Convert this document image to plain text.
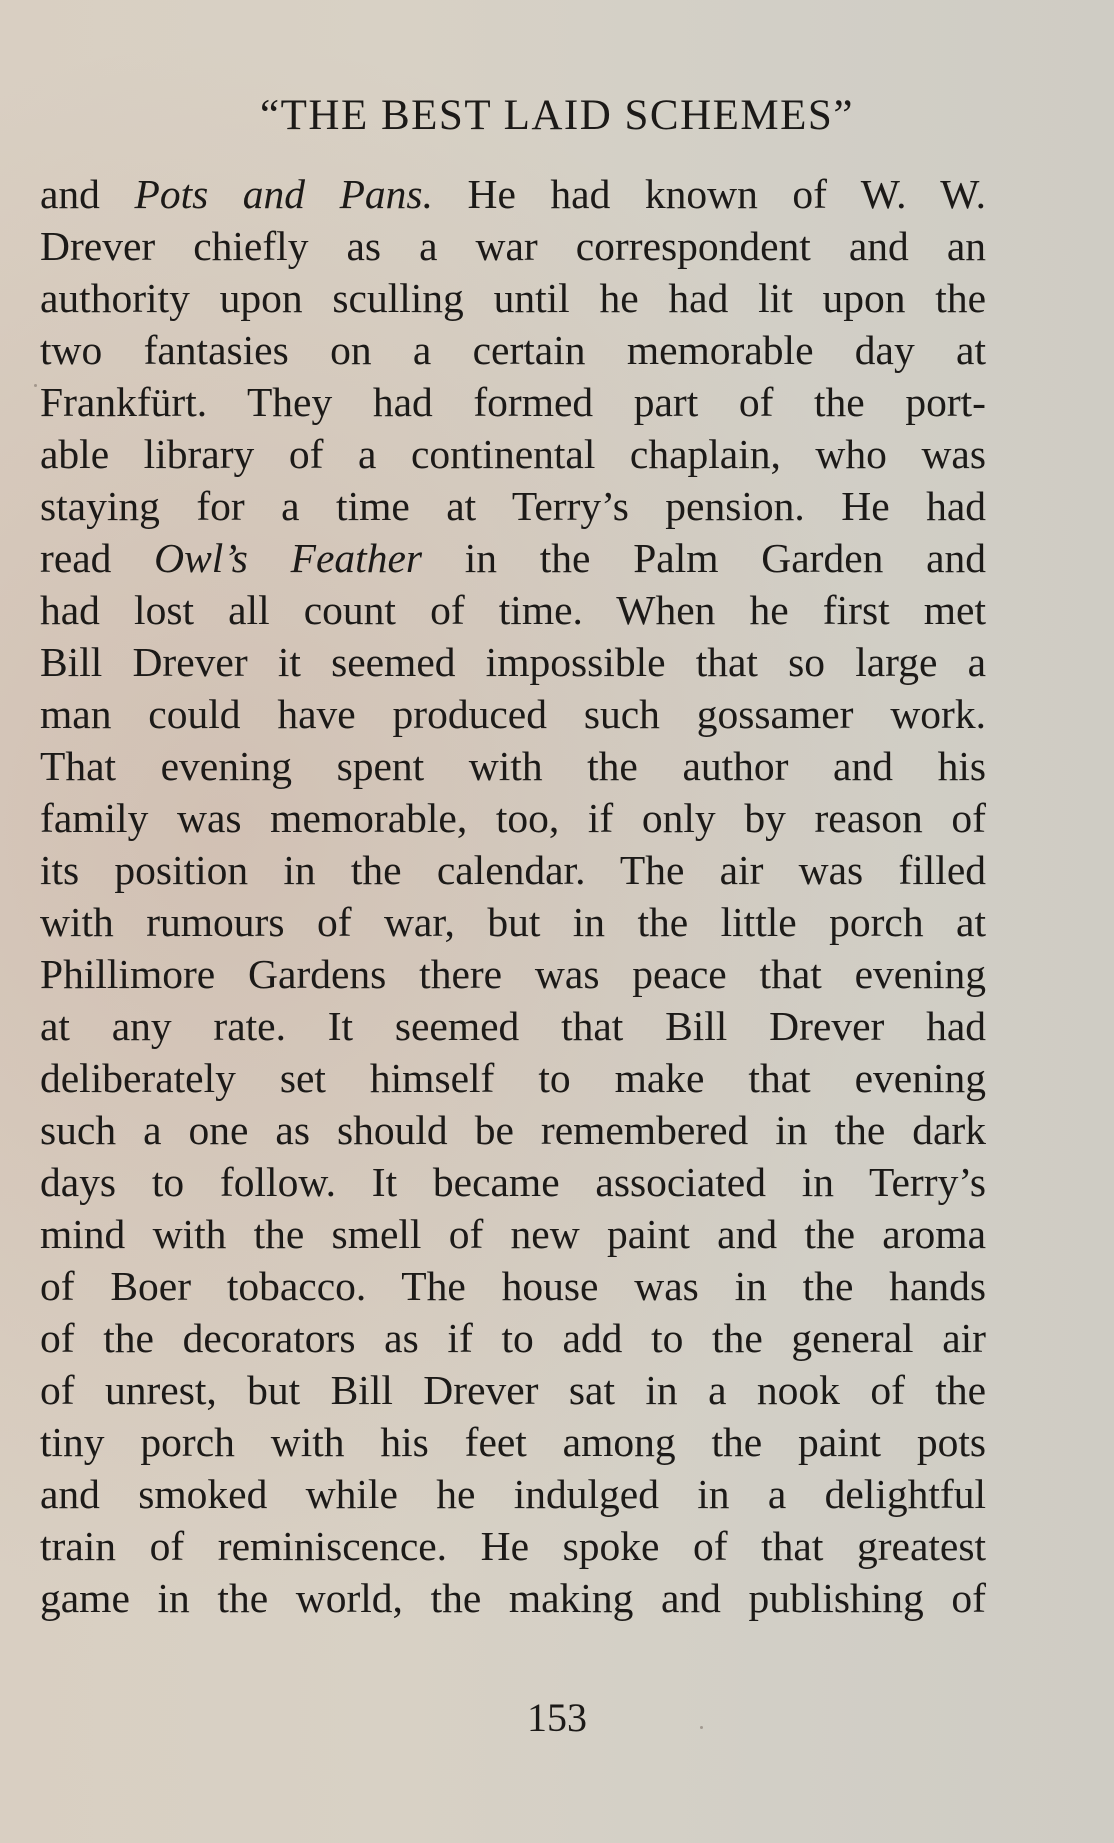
“THE BEST LAID SCHEMES”
and Pots and Pans. He had known of W. W.
Drever chiefly as a war correspondent and an
authority upon sculling until he had lit upon the
two fantasies on a certain memorable day at
Frankfürt. They had formed part of the port-
able library of a continental chaplain, who was
staying for a time at Terry’s pension. He had
read Owl’s Feather in the Palm Garden and
had lost all count of time. When he first met
Bill Drever it seemed impossible that so large a
man could have produced such gossamer work.
That evening spent with the author and his
family was memorable, too, if only by reason of
its position in the calendar. The air was filled
with rumours of war, but in the little porch at
Phillimore Gardens there was peace that evening
at any rate. It seemed that Bill Drever had
deliberately set himself to make that evening
such a one as should be remembered in the dark
days to follow. It became associated in Terry’s
mind with the smell of new paint and the aroma
of Boer tobacco. The house was in the hands
of the decorators as if to add to the general air
of unrest, but Bill Drever sat in a nook of the
tiny porch with his feet among the paint pots
and smoked while he indulged in a delightful
train of reminiscence. He spoke of that greatest
game in the world, the making and publishing of
153
